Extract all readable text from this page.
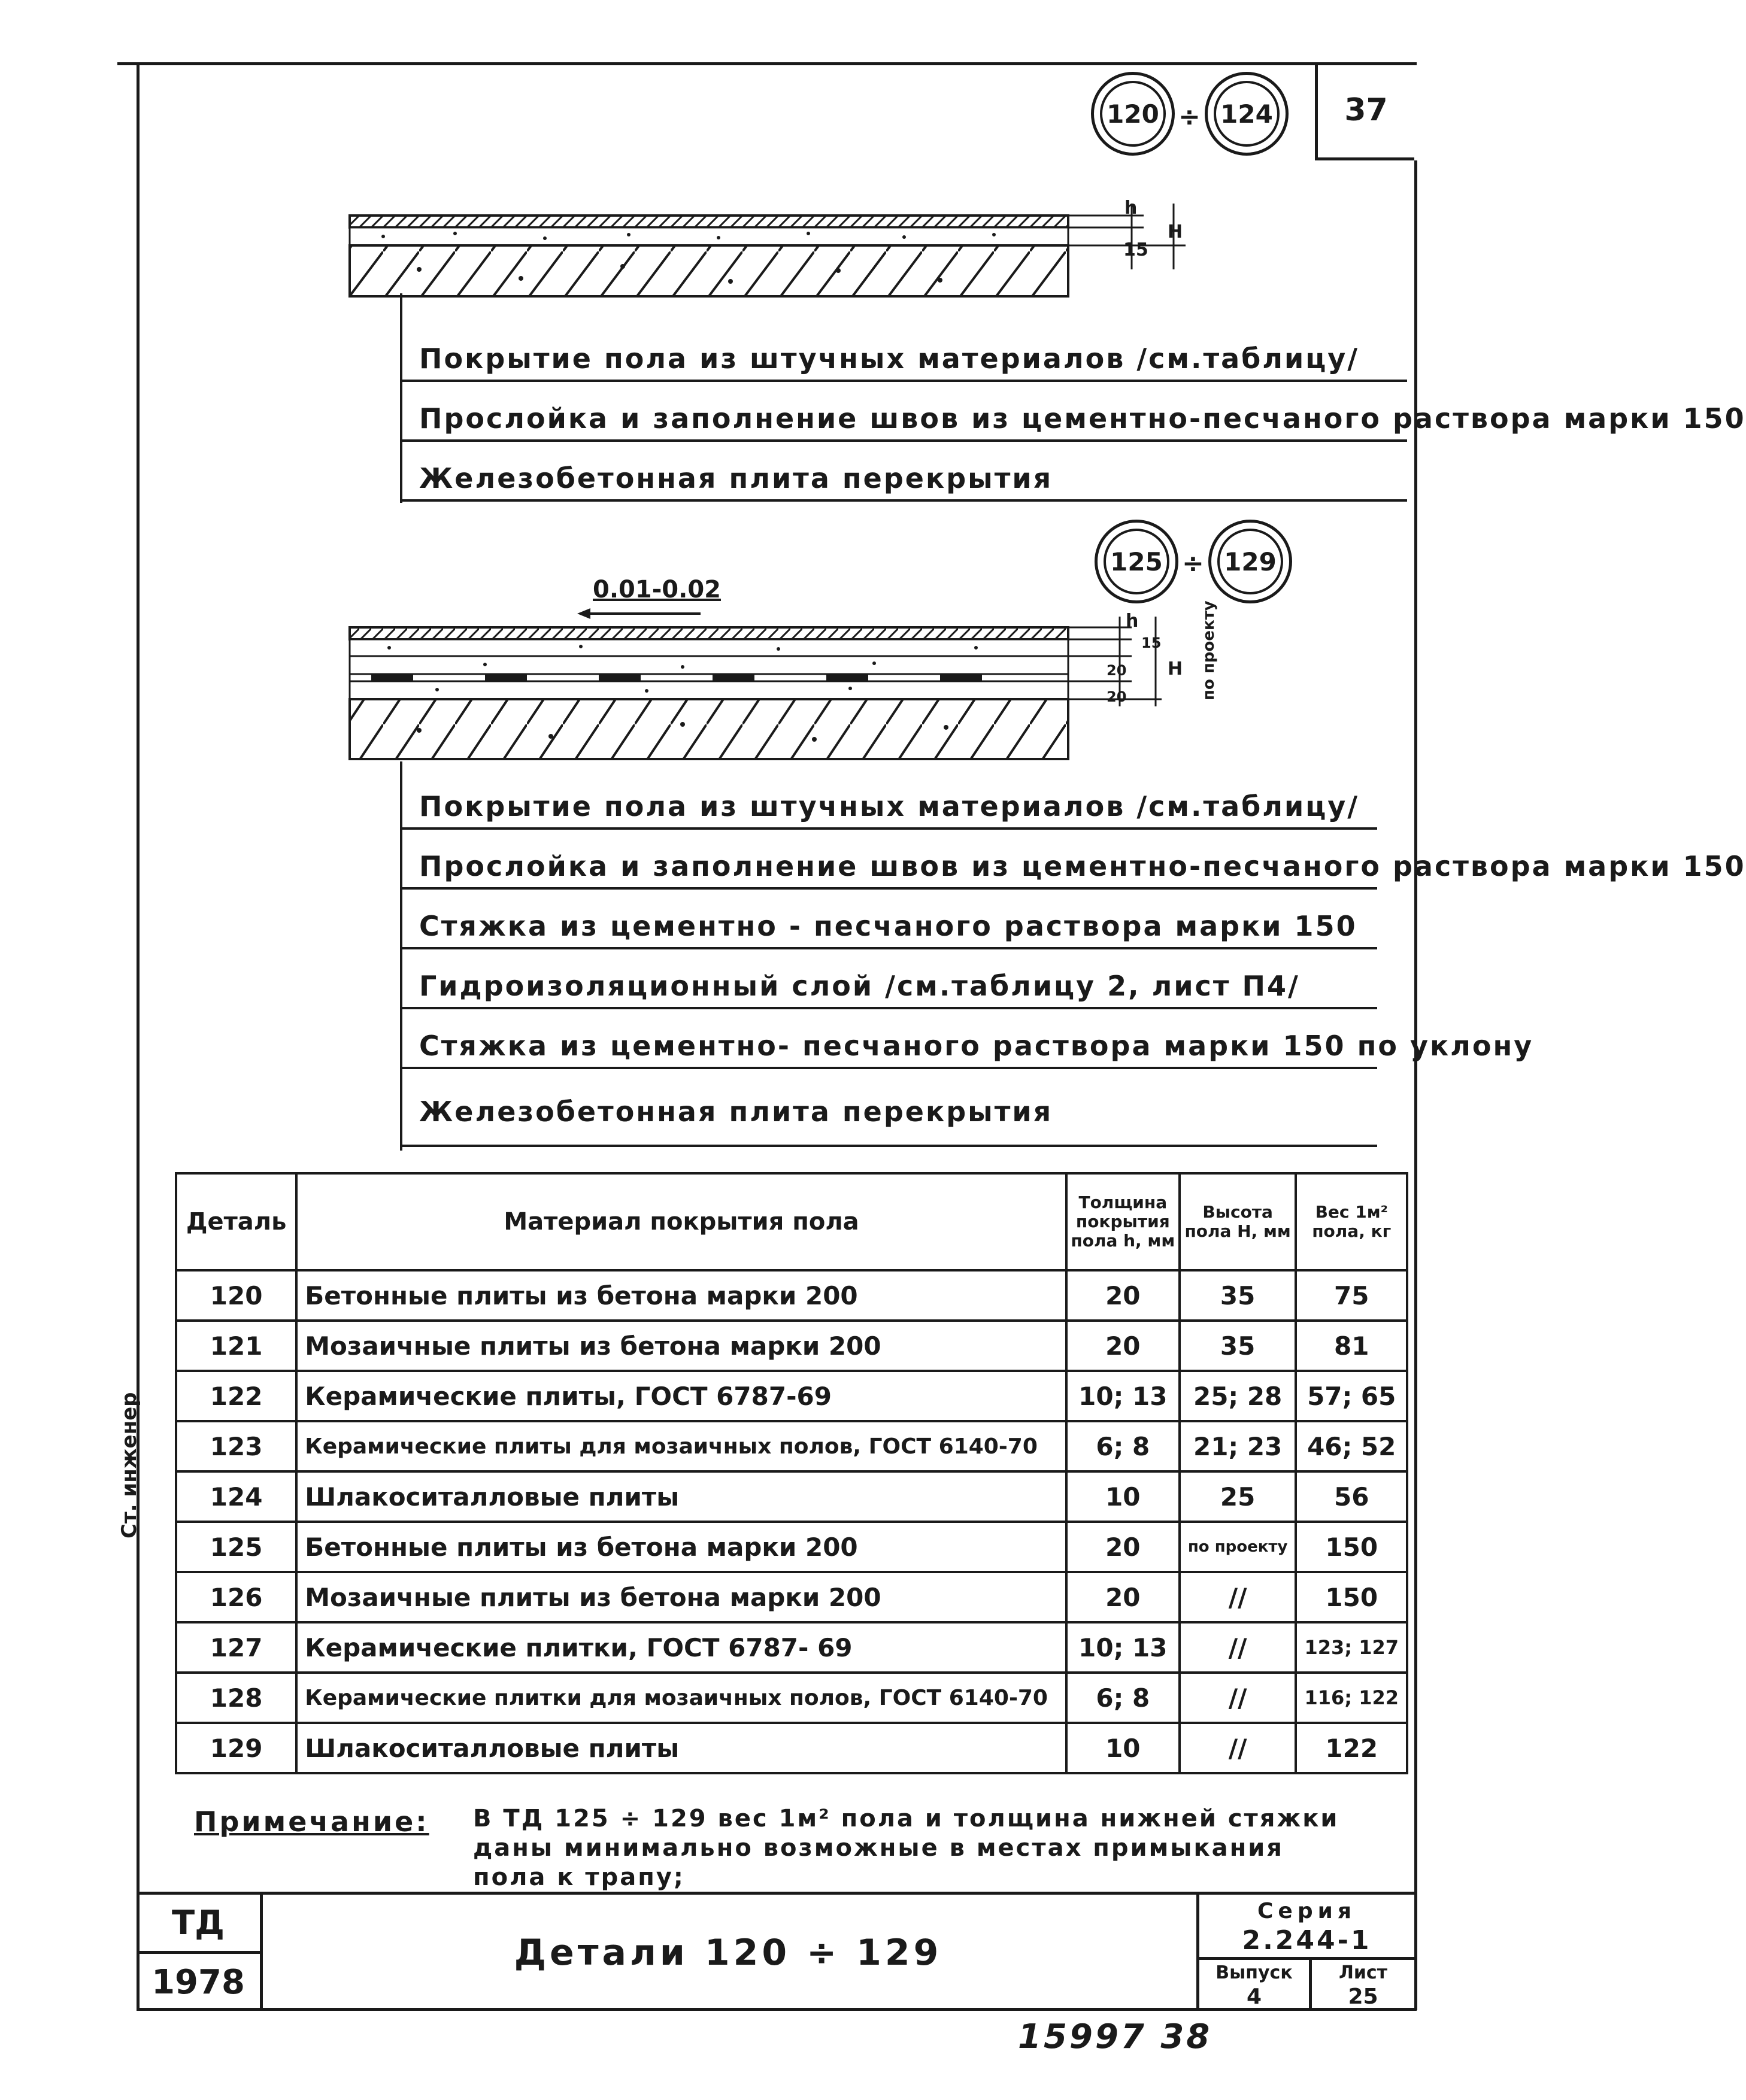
37
120 ÷ 124
h
H
15
Покрытие пола из штучных материалов /см.таблицу/
Прослойка и заполнение швов из цементно-песчаного раствора марки 150
Железобетонная плита перекрытия
125 ÷ 129
0.01-0.02
h
H
15
20
20	по проекту
Покрытие пола из штучных материалов /см.таблицу/
Прослойка и заполнение швов из цементно-песчаного раствора марки 150
Стяжка из цементно - песчаного раствора марки 150
Гидроизоляционный слой /см.таблицу 2, лист П4/
Стяжка из цементно- песчаного раствора марки 150 по уклону
Железобетонная плита перекрытия
Ст. инженер
Деталь	Материал покрытия пола	Толщина покрытия пола h, мм	Высота пола H, мм	Вес 1м² пола, кг
120	Бетонные плиты из бетона марки 200	20	35	75
121	Мозаичные плиты из бетона марки 200	20	35	81
122	Керамические плиты, ГОСТ 6787-69	10; 13	25; 28	57; 65
123	Керамические плиты для мозаичных полов, ГОСТ 6140-70	6; 8	21; 23	46; 52
124	Шлакоситалловые плиты	10	25	56
125	Бетонные плиты из бетона марки 200	20	по проекту	150
126	Мозаичные плиты из бетона марки 200	20	//	150
127	Керамические плитки, ГОСТ 6787- 69	10; 13	//	123; 127
128	Керамические плитки для мозаичных полов, ГОСТ 6140-70	6; 8	//	116; 122
129	Шлакоситалловые плиты	10	//	122
Примечание: В ТД 125 ÷ 129 вес 1м² пола и толщина нижней стяжки
даны минимально возможные в местах примыкания
пола к трапу;
ТД
1978
Детали 120 ÷ 129
Серия
2.244-1
Выпуск
4
Лист
25
15997 38
